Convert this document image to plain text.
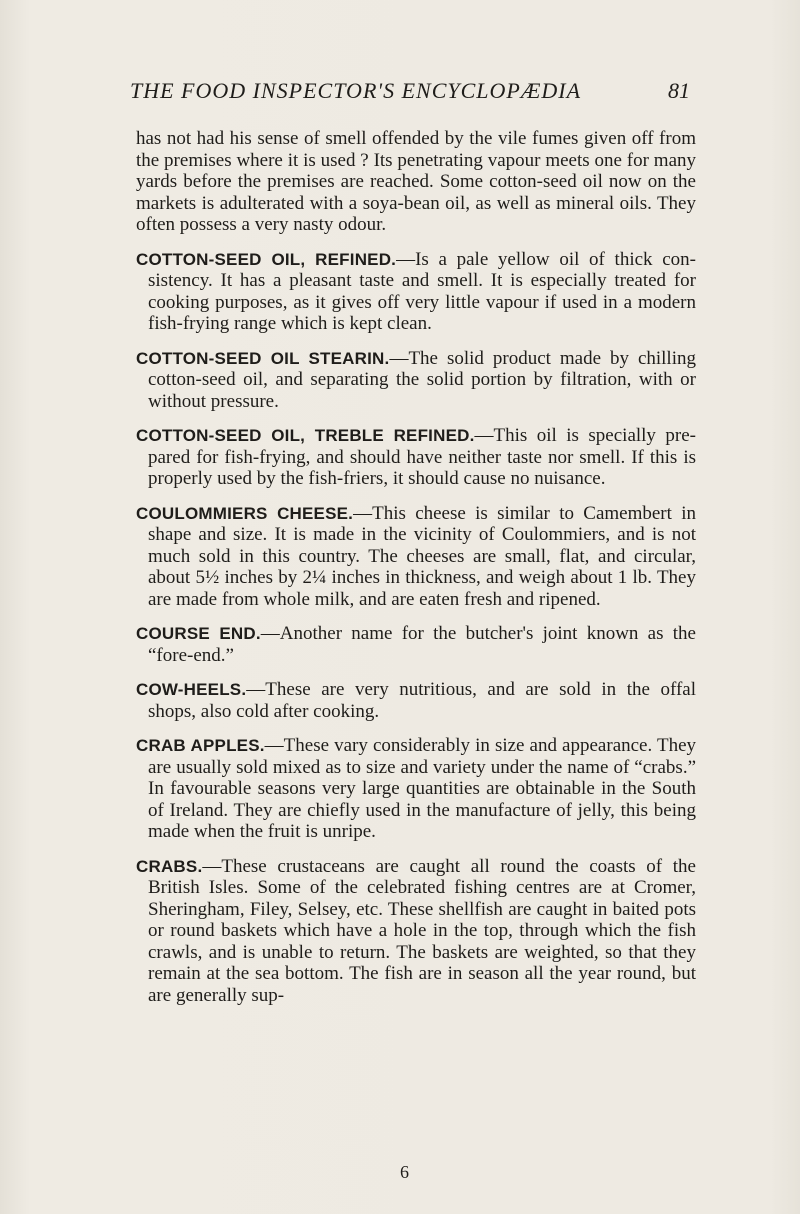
THE FOOD INSPECTOR'S ENCYCLOPÆDIA	81

has not had his sense of smell offended by the vile fumes given off from the premises where it is used ? Its penetrating vapour meets one for many yards before the premises are reached. Some cotton-seed oil now on the markets is adulterated with a soya-bean oil, as well as mineral oils. They often possess a very nasty odour.

COTTON-SEED OIL, REFINED.—Is a pale yellow oil of thick con-sistency. It has a pleasant taste and smell. It is especially treated for cooking purposes, as it gives off very little vapour if used in a modern fish-frying range which is kept clean.

COTTON-SEED OIL STEARIN.—The solid product made by chilling cotton-seed oil, and separating the solid portion by filtration, with or without pressure.

COTTON-SEED OIL, TREBLE REFINED.—This oil is specially pre-pared for fish-frying, and should have neither taste nor smell. If this is properly used by the fish-friers, it should cause no nuisance.

COULOMMIERS CHEESE.—This cheese is similar to Camembert in shape and size. It is made in the vicinity of Coulommiers, and is not much sold in this country. The cheeses are small, flat, and circular, about 5½ inches by 2¼ inches in thickness, and weigh about 1 lb. They are made from whole milk, and are eaten fresh and ripened.

COURSE END.—Another name for the butcher's joint known as the “fore-end.”

COW-HEELS.—These are very nutritious, and are sold in the offal shops, also cold after cooking.

CRAB APPLES.—These vary considerably in size and appearance. They are usually sold mixed as to size and variety under the name of “crabs.” In favourable seasons very large quantities are obtainable in the South of Ireland. They are chiefly used in the manufacture of jelly, this being made when the fruit is unripe.

CRABS.—These crustaceans are caught all round the coasts of the British Isles. Some of the celebrated fishing centres are at Cromer, Sheringham, Filey, Selsey, etc. These shellfish are caught in baited pots or round baskets which have a hole in the top, through which the fish crawls, and is unable to return. The baskets are weighted, so that they remain at the sea bottom. The fish are in season all the year round, but are generally sup-

6
